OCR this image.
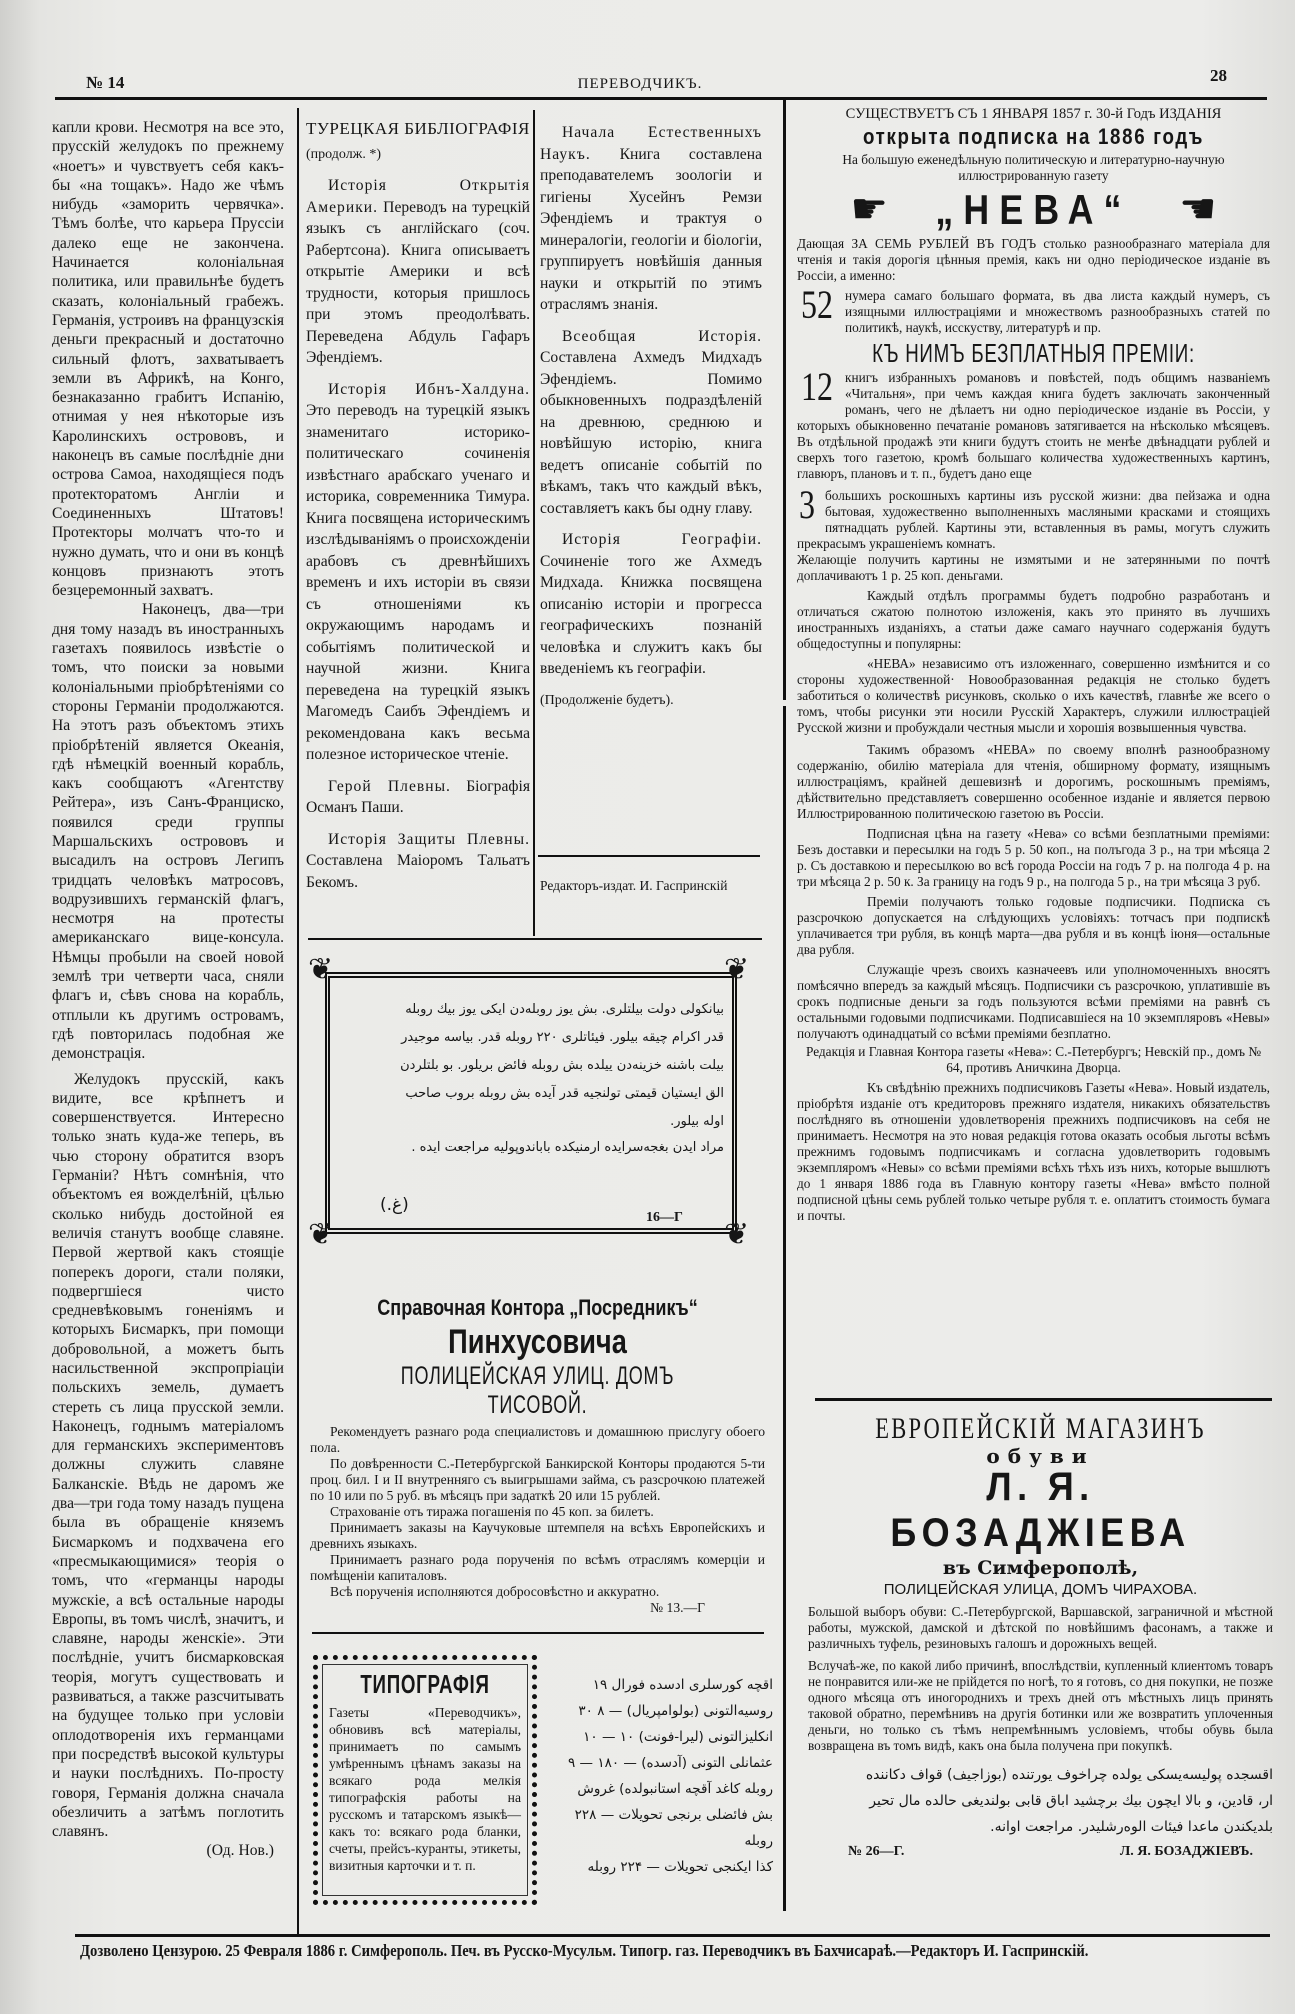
№ 14	ПЕРЕВОДЧИКЪ.	28

капли крови. Несмотря на все это, прусскій желудокъ по прежнему «ноетъ» и чувствуетъ себя какъ-бы «на тощакъ». Надо же чѣмъ нибудь «заморить червячка». Тѣмъ болѣе, что карьера Пруссіи далеко еще не закончена. Начинается колоніальная политика, или правильнѣе будетъ сказать, колоніальный грабежъ. Германія, устроивъ на французскія деньги прекрасный и достаточно сильный флотъ, захватываетъ земли въ Африкѣ, на Конго, безнаказанно грабитъ Испанію, отнимая у нея нѣкоторые изъ Каролинскихъ острововъ, и наконецъ въ самые послѣдніе дни острова Самоа, находящіеся подъ протекторатомъ Англіи и Соединенныхъ Штатовъ! Протекторы молчатъ что-то и нужно думать, что и они въ концѣ концовъ признаютъ этотъ безцеремонный захватъ.

Наконецъ, два—три дня тому назадъ въ иностранныхъ газетахъ появилось извѣстіе о томъ, что поиски за новыми колоніальными пріобрѣтеніями со стороны Германіи продолжаются. На этотъ разъ объектомъ этихъ пріобрѣтеній является Океанія, гдѣ нѣмецкій военный корабль, какъ сообщаютъ «Агентству Рейтера», изъ Санъ-Франциско, появился среди группы Маршальскихъ острововъ и высадилъ на островъ Легипъ тридцать человѣкъ матросовъ, водрузившихъ германскій флагъ, несмотря на протесты американскаго вице-консула. Нѣмцы пробыли на своей новой землѣ три четверти часа, сняли флагъ и, сѣвъ снова на корабль, отплыли къ другимъ островамъ, гдѣ повторилась подобная же демонстрація.

Желудокъ прусскій, какъ видите, все крѣпнетъ и совершенствуется. Интересно только знать куда-же теперь, въ чью сторону обратится взоръ Германіи? Нѣтъ сомнѣнія, что объектомъ ея вожделѣній, цѣлью сколько нибудь достойной ея величія станутъ вообще славяне. Первой жертвой какъ стоящіе поперекъ дороги, стали поляки, подвергшіеся чисто средневѣковымъ гоненіямъ и которыхъ Бисмаркъ, при помощи добровольной, а можетъ быть насильственной экспропріаціи польскихъ земель, думаетъ стереть съ лица прусской земли. Наконецъ, годнымъ матеріаломъ для германскихъ экспериментовъ должны служить славяне Балканскіе. Вѣдь не даромъ же два—три года тому назадъ пущена была въ обращеніе княземъ Бисмаркомъ и подхвачена его «пресмыкающимися» теорія о томъ, что «германцы народы мужскіе, а всѣ остальные народы Европы, въ томъ числѣ, значитъ, и славяне, народы женскіе». Эти послѣдніе, учитъ бисмарковская теорія, могутъ существовать и развиваться, а также разсчитывать на будущее только при условіи оплодотворенія ихъ германцами при посредствѣ высокой культуры и науки послѣднихъ. По-просту говоря, Германія должна сначала обезличить а затѣмъ поглотить славянъ.

(Од. Нов.)

ТУРЕЦКАЯ БИБЛІОГРАФІЯ

(продолж. *)

Исторія Открытія Америки. Переводъ на турецкій языкъ съ англійскаго (соч. Рабертсона). Книга описываетъ открытіе Америки и всѣ трудности, которыя пришлось при этомъ преодолѣвать. Переведена Абдуль Гафаръ Эфендіемъ.

Исторія Ибнъ-Халдуна. Это переводъ на турецкій языкъ знаменитаго историко-политическаго сочиненія извѣстнаго арабскаго ученаго и историка, современника Тимура. Книга посвящена историческимъ изслѣдываніямъ о происхожденіи арабовъ съ древнѣйшихъ временъ и ихъ исторіи въ связи съ отношеніями къ окружающимъ народамъ и событіямъ политической и научной жизни. Книга переведена на турецкій языкъ Магомедъ Саибъ Эфендіемъ и рекомендована какъ весьма полезное историческое чтеніе.

Герой Плевны. Біографія Османъ Паши.

Исторія Защиты Плевны. Составлена Маіоромъ Тальатъ Бекомъ.

Начала Естественныхъ Наукъ. Книга составлена преподавателемъ зоологіи и гигіены Хусейнъ Ремзи Эфендіемъ и трактуя о минералогіи, геологіи и біологіи, группируетъ новѣйшія данныя науки и открытій по этимъ отраслямъ знанія.

Всеобщая Исторія. Составлена Ахмедъ Мидхадъ Эфендіемъ. Помимо обыкновенныхъ подраздѣленій на древнюю, среднюю и новѣйшую исторію, книга ведетъ описаніе событій по вѣкамъ, такъ что каждый вѣкъ, составляетъ какъ бы одну главу.

Исторія Географіи. Сочиненіе того же Ахмедъ Мидхада. Книжка посвящена описанію исторіи и прогресса географическихъ познаній человѣка и служитъ какъ бы введеніемъ къ географіи.

(Продолженіе будетъ).

Редакторъ-издат. И. Гаспринскій
❦	❦
❦	❦
بیانكولی دولت بیلتلری. بش یوز روبله‌دن ایكی یوز بیك روبله
قدر اكرام چیقه بیلور. فیئاتلری ۲۲۰ روبله قدر. بیاسه موجیدر
بیلت باشنه خزینه‌دن ییلده بش روبله فائض بریلور. بو بلتلردن
الق ایستیان قیمتی تولنجیه قدر آیده بش روبله بروب صاحب
اوله بیلور.
مراد ایدن بغجه‌سرایده ارمنیكده باباندوپولیه مراجعت ایده .
(غ.)
16—Г
Справочная Контора „Посредникъ“
Пинхусовича
ПОЛИЦЕЙСКАЯ УЛИЦ. ДОМЪ ТИСОВОЙ.

Рекомендуетъ разнаго рода специалистовъ и домашнюю прислугу обоего пола.

По довѣренности С.-Петербургской Банкирской Конторы продаются 5-ти проц. бил. I и II внутренняго съ выигрышами займа, съ разсрочкою платежей по 10 или по 5 руб. въ мѣсяцъ при задаткѣ 20 или 15 рублей.

Страхованіе отъ тиража погашенія по 45 коп. за билетъ.

Принимаетъ заказы на Каучуковые штемпеля на всѣхъ Европейскихъ и древнихъ языкахъ.

Принимаетъ разнаго рода порученія по всѣмъ отраслямъ комерціи и помѣщеніи капиталовъ.

Всѣ порученія исполняются добросовѣстно и аккуратно.

№ 13.—Г

ТИПОГРАФІЯ
Газеты «Переводчикъ», обновивъ всѣ матеріалы, принимаетъ по самымъ умѣреннымъ цѣнамъ заказы на всякаго рода мелкія типографскія работы на русскомъ и татарскомъ языкѣ—какъ то: всякаго рода бланки, счеты, прейсъ-куранты, этикеты, визитныя карточки и т. п.
اقچه كورسلری ادسده فورال ۱۹
روسیه‌التونی (بولوامپریال) — ۸ ۳۰
انكلیزالتونی (لیرا-فونت) ۱۰ — ۱۰
عثمانلی التونی (آدسده) — ۱۸۰ — ۹
روبله كاغد آقچه استانبولده) غروش
بش فائضلی برنجی تحویلات — ۲۲۸ روبله
كذا ایكنجی تحویلات — ۲۲۴ روبله
СУЩЕСТВУЕТЪ СЪ 1 ЯНВАРЯ 1857 г. 30-й Годъ ИЗДАНІЯ
открыта подписка на 1886 годъ
На большую еженедѣльную политическую и литературно-научную иллюстрированную газету
☛ „НЕВА“ ☚

Дающая ЗА СЕМЬ РУБЛЕЙ ВЪ ГОДЪ столько разнообразнаго матеріала для чтенія и такія дорогія цѣнныя премія, какъ ни одно періодическое изданіе въ Россіи, а именно:

52 нумера самаго большаго формата, въ два листа каждый нумеръ, съ изящными иллюстраціями и множествомъ разнообразныхъ статей по политикѣ, наукѣ, исскуству, литературѣ и пр.

КЪ НИМЪ БЕЗПЛАТНЫЯ ПРЕМІИ:

12 книгъ избранныхъ романовъ и повѣстей, подъ общимъ названіемъ «Читальня», при чемъ каждая книга будетъ заключать законченный романъ, чего не дѣлаетъ ни одно періодическое изданіе въ Россіи, у которыхъ обыкновенно печатаніе романовъ затягивается на нѣсколько мѣсяцевъ. Въ отдѣльной продажѣ эти книги будутъ стоить не менѣе двѣнадцати рублей и сверхъ того газетою, кромѣ большаго количества художественныхъ картинъ, главюръ, плановъ и т. п., будетъ дано еще

3 большихъ роскошныхъ картины изъ русской жизни: два пейзажа и одна бытовая, художественно выполненныхъ масляными красками и стоящихъ пятнадцать рублей. Картины эти, вставленныя въ рамы, могутъ служить прекрасымъ украшеніемъ комнатъ.

Желающіе получить картины не измятыми и не затерянными по почтѣ доплачиваютъ 1 р. 25 коп. деньгами.

Каждый отдѣлъ программы будетъ подробно разработанъ и отличаться сжатою полнотою изложенія, какъ это принято въ лучшихъ иностранныхъ изданіяхъ, а статьи даже самаго научнаго содержанія будутъ общедоступны и популярны:

«НЕВА» независимо отъ изложеннаго, совершенно измѣнится и со стороны художественной· Новообразованная редакція не столько будетъ заботиться о количествѣ рисунковъ, сколько о ихъ качествѣ, главнѣе же всего о томъ, чтобы рисунки эти носили Русскій Характеръ, служили иллюстраціей Русской жизни и пробуждали честныя мысли и хорошія возвышенныя чувства.

Такимъ образомъ «НЕВА» по своему вполнѣ разнообразному содержанію, обилію матеріала для чтенія, обширному формату, изящнымъ иллюстраціямъ, крайней дешевизнѣ и дорогимъ, роскошнымъ преміямъ, дѣйствительно представляетъ совершенно особенное изданіе и является первою Иллюстрированною политическою газетою въ Россіи.

Подписная цѣна на газету «Нева» со всѣми безплатными преміями: Безъ доставки и пересылки на годъ 5 р. 50 коп., на полъгода 3 р., на три мѣсяца 2 р. Съ доставкою и пересылкою во всѣ города Россіи на годъ 7 р. на полгода 4 р. на три мѣсяца 2 р. 50 к. За границу на годъ 9 р., на полгода 5 р., на три мѣсяца 3 руб.

Преміи получаютъ только годовые подписчики. Подписка съ разсрочкою допускается на слѣдующихъ условіяхъ: тотчасъ при подпискѣ уплачивается три рубля, въ концѣ марта—два рубля и въ концѣ іюня—остальные два рубля.

Служащіе чрезъ своихъ казначеевъ или уполномоченныхъ вносятъ помѣсячно впередъ за каждый мѣсяцъ. Подписчики съ разсрочкою, уплатившіе въ срокъ подписные деньги за годъ пользуются всѣми преміями на равнѣ съ остальными годовыми подписчиками. Подписавшіеся на 10 экземпляровъ «Невы» получаютъ одинадцатый со всѣми преміями безплатно.

Редакція и Главная Контора газеты «Нева»: С.-Петербургъ; Невскій пр., домъ № 64, противъ Аничкина Дворца.

Къ свѣдѣнію прежнихъ подписчиковъ Газеты «Нева». Новый издатель, пріобрѣтя изданіе отъ кредиторовъ прежняго издателя, никакихъ обязательствъ послѣдняго въ отношеніи удовлетворенія прежнихъ подписчиковъ на себя не принимаетъ. Несмотря на это новая редакція готова оказать особыя льготы всѣмъ прежнимъ годовымъ подписчикамъ и согласна удовлетворить годовымъ экземпляромъ «Невы» со всѣми преміями всѣхъ тѣхъ изъ нихъ, которые вышлютъ до 1 января 1886 года въ Главную контору газеты «Нева» вмѣсто полной подписной цѣны семь рублей только четыре рубля т. е. оплатитъ стоимость бумага и почты.

ЕВРОПЕЙСКІЙ МАГАЗИНЪ
обуви
Л. Я. БОЗАДЖІЕВА
въ Симферополѣ,
ПОЛИЦЕЙСКАЯ УЛИЦА, ДОМЪ ЧИРАХОВА.

Большой выборъ обуви: С.-Петербургской, Варшавской, заграничной и мѣстной работы, мужской, дамской и дѣтской по новѣйшимъ фасонамъ, а также и различныхъ туфель, резиновыхъ галошъ и дорожныхъ вещей.

Вслучаѣ-же, по какой либо причинѣ, впослѣдствіи, купленный клиентомъ товаръ не понравится или-же не прійдется по ногѣ, то я готовъ, со дня покупки, не позже одного мѣсяца отъ иногороднихъ и трехъ дней отъ мѣстныхъ лицъ принять таковой обратно, перемѣнивъ на другія ботинки или же возвратить уплоченныя деньги, но только съ тѣмъ непремѣннымъ условіемъ, чтобы обувь была возвращена въ томъ видѣ, какъ она была получена при покупкѣ.

اقسجده پولیسه‌یسكی یولده چراخوف یورتنده (بوزاجیف) قواف دكاننده
ار، قادین، و بالا ایچون بیك برچشید اباق قابی بولندیغی حالده مال تحیر
بلدیكندن ماعدا فیئات الوەرشلیدر. مراجعت اوانه.
№ 26—Г.	Л. Я. БОЗАДЖІЕВЪ.
Дозволено Цензурою. 25 Февраля 1886 г. Симферополь. Печ. въ Русско-Мусульм. Типогр. газ. Переводчикъ въ Бахчисараѣ.—Редакторъ И. Гаспринскій.
